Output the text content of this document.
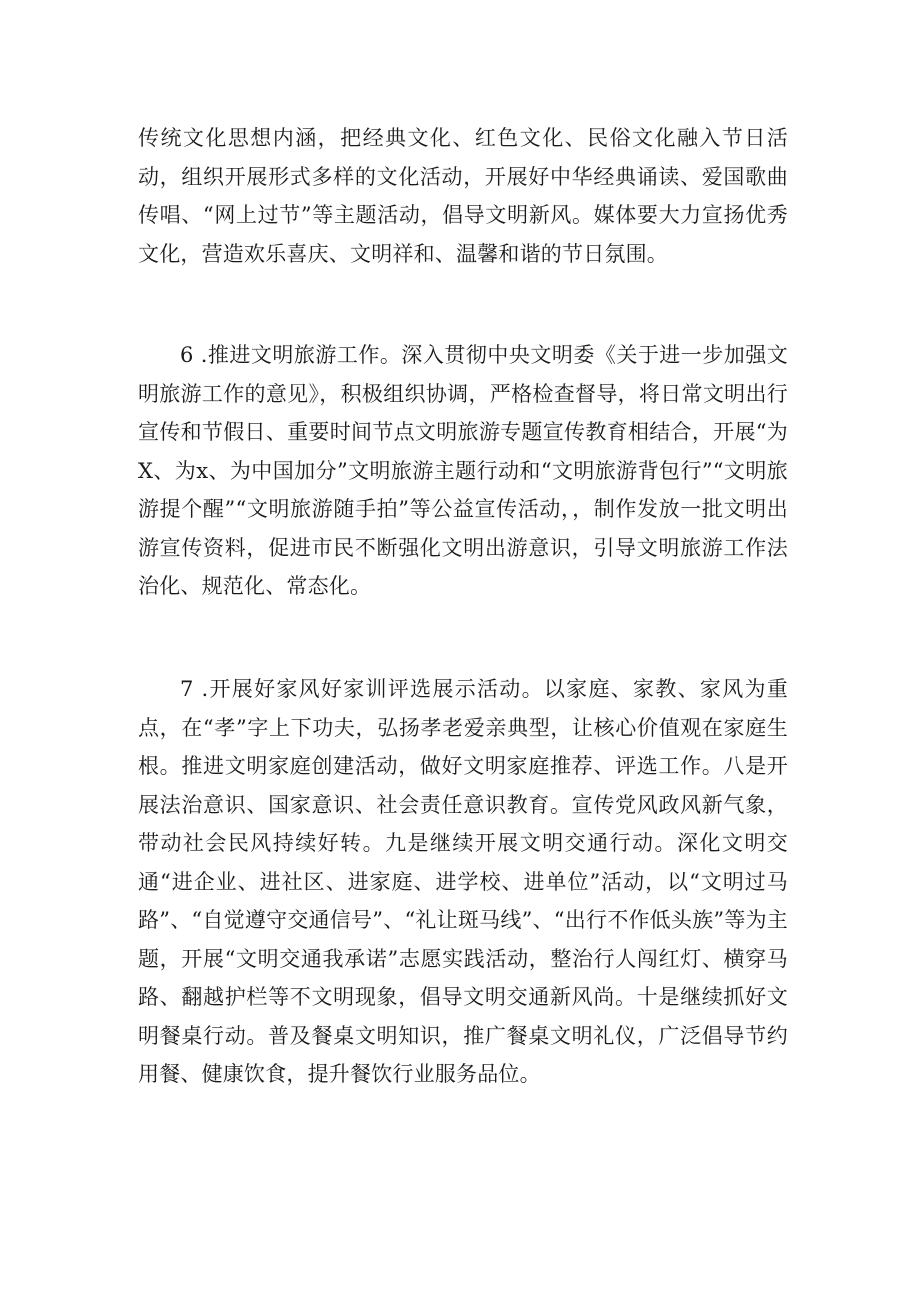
传统文化思想内涵，把经典文化、红色文化、民俗文化融入节日活动，组织开展形式多样的文化活动，开展好中华经典诵读、爱国歌曲传唱、“网上过节”等主题活动，倡导文明新风。媒体要大力宣扬优秀文化，营造欢乐喜庆、文明祥和、温馨和谐的节日氛围。

6 .推进文明旅游工作。深入贯彻中央文明委《关于进一步加强文明旅游工作的意见》，积极组织协调，严格检查督导，将日常文明出行宣传和节假日、重要时间节点文明旅游专题宣传教育相结合，开展“为X、为x、为中国加分”文明旅游主题行动和“文明旅游背包行”“文明旅游提个醒”“文明旅游随手拍”等公益宣传活动，，制作发放一批文明出游宣传资料，促进市民不断强化文明出游意识，引导文明旅游工作法治化、规范化、常态化。

7 .开展好家风好家训评选展示活动。以家庭、家教、家风为重点，在“孝”字上下功夫，弘扬孝老爱亲典型，让核心价值观在家庭生根。推进文明家庭创建活动，做好文明家庭推荐、评选工作。八是开展法治意识、国家意识、社会责任意识教育。宣传党风政风新气象，带动社会民风持续好转。九是继续开展文明交通行动。深化文明交通“进企业、进社区、进家庭、进学校、进单位”活动，以“文明过马路”、“自觉遵守交通信号”、“礼让斑马线”、“出行不作低头族”等为主题，开展“文明交通我承诺”志愿实践活动，整治行人闯红灯、横穿马路、翻越护栏等不文明现象，倡导文明交通新风尚。十是继续抓好文明餐桌行动。普及餐桌文明知识，推广餐桌文明礼仪，广泛倡导节约用餐、健康饮食，提升餐饮行业服务品位。
